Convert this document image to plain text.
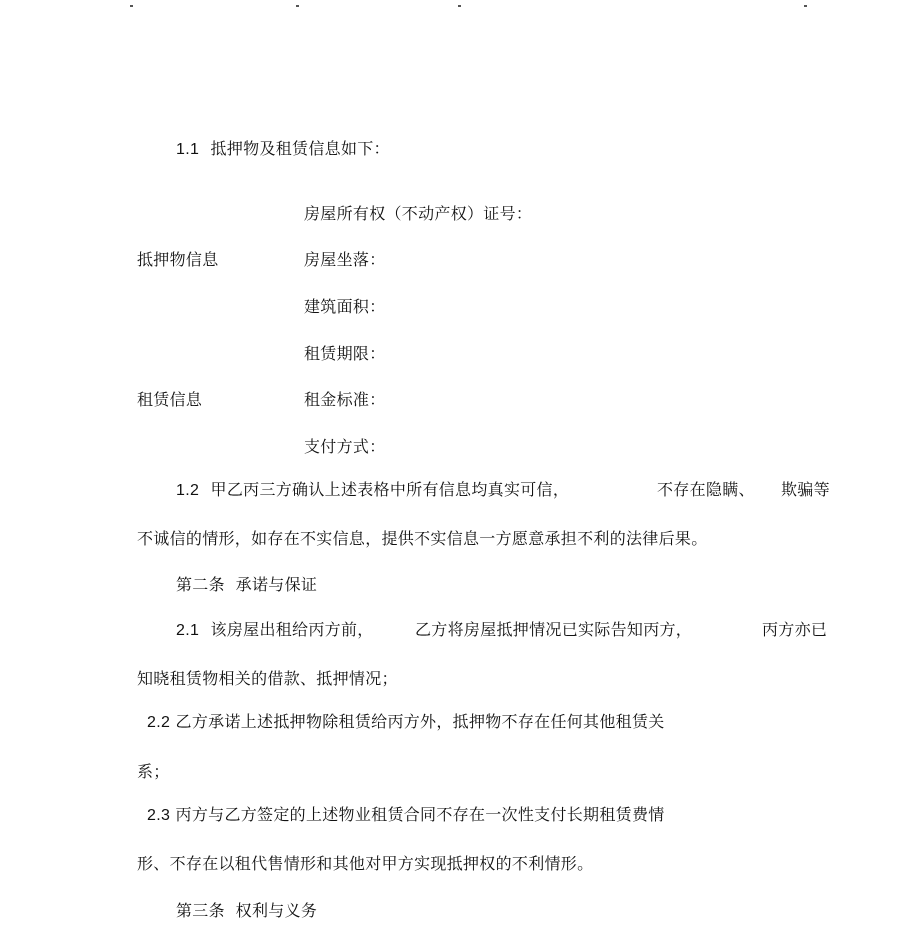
1.1 抵押物及租赁信息如下：
房屋所有权（不动产权）证号：
抵押物信息	房屋坐落：
建筑面积：
租赁期限：
租赁信息	租金标准：
支付方式：
1.2 甲乙丙三方确认上述表格中所有信息均真实可信，	不存在隐瞒、 欺骗等
不诚信的情形，如存在不实信息，提供不实信息一方愿意承担不利的法律后果。
第二条  承诺与保证
2.1 该房屋出租给丙方前，	乙方将房屋抵押情况已实际告知丙方，	丙方亦已
知晓租赁物相关的借款、抵押情况；
2.2 乙方承诺上述抵押物除租赁给丙方外，抵押物不存在任何其他租赁关
系；
2.3 丙方与乙方签定的上述物业租赁合同不存在一次性支付长期租赁费情
形、不存在以租代售情形和其他对甲方实现抵押权的不利情形。
第三条  权利与义务
